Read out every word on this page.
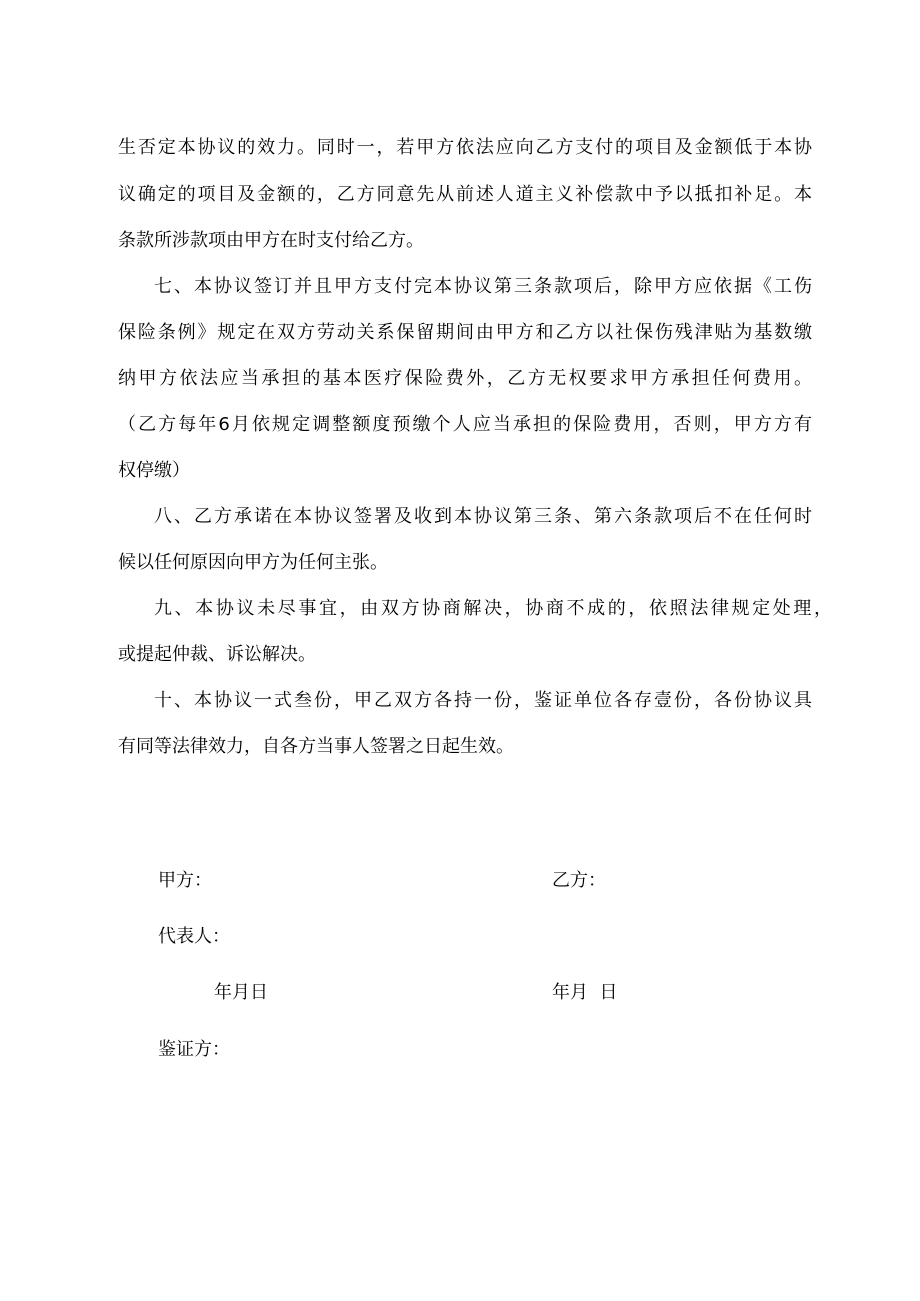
生否定本协议的效力。同时一，若甲方依法应向乙方支付的项目及金额低于本协

议确定的项目及金额的，乙方同意先从前述人道主义补偿款中予以抵扣补足。本

条款所涉款项由甲方在时支付给乙方。

七、本协议签订并且甲方支付完本协议第三条款项后，除甲方应依据《工伤

保险条例》规定在双方劳动关系保留期间由甲方和乙方以社保伤残津贴为基数缴

纳甲方依法应当承担的基本医疗保险费外，乙方无权要求甲方承担任何费用。

（乙方每年6月依规定调整额度预缴个人应当承担的保险费用，否则，甲方方有

权停缴）

八、乙方承诺在本协议签署及收到本协议第三条、第六条款项后不在任何时

候以任何原因向甲方为任何主张。

九、本协议未尽事宜，由双方协商解决，协商不成的，依照法律规定处理，

或提起仲裁、诉讼解决。

十、本协议一式叁份，甲乙双方各持一份，鉴证单位各存壹份，各份协议具

有同等法律效力，自各方当事人签署之日起生效。

甲方：	乙方：

代表人：

年月日	年月  日

鉴证方：
